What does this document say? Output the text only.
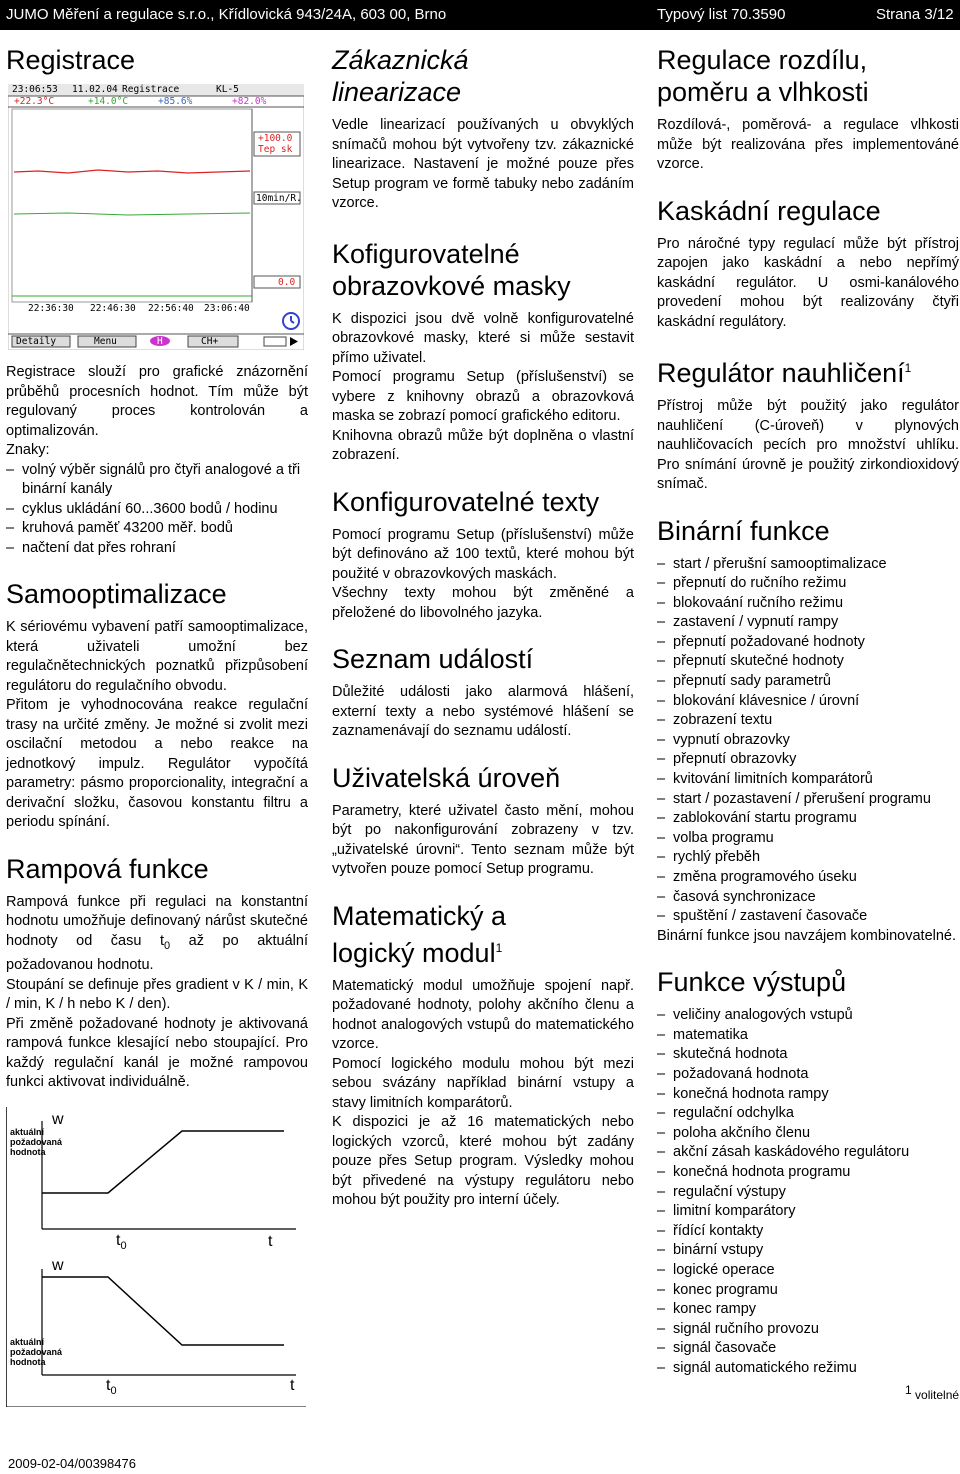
JUMO Měření a regulace s.r.o., Křídlovická 943/24A, 603 00, Brno	Typový list 70.3590	Strana 3/12
Registrace
23:06:53 11.02.04 Registrace	KL-5
+22.3°C	+14.0°C	+85.6%	+82.0%
+100.0
Tep sk
10min/R.
0.0
22:36:30 22:46:30 22:56:40 23:06:40
Detaily	Menu	H	CH+

Registrace slouží pro grafické znázornění průběhů procesních hodnot. Tím může být regulovaný proces kontrolován a optimalizován.

Znaky:

– volný výběr signálů pro čtyři analogové a tři binární kanály
– cyklus ukládání 60...3600 bodů / hodinu
– kruhová paměť 43200 měř. bodů
– načtení dat přes rohraní
Samooptimalizace

K sériovému vybavení patří samooptimalizace, která uživateli umožní bez regulačnětechnických poznatků přizpůsobení regulátoru do regulačního obvodu.

Přitom je vyhodnocována reakce regulační trasy na určité změny. Je možné si zvolit mezi oscilační metodou a nebo reakce na jednotkový impulz. Regulátor vypočítá parametry: pásmo proporcionality, integrační a derivační složku, časovou konstantu filtru a periodu spínání.

Rampová funkce

Rampová funkce při regulaci na konstantní hodnotu umožňuje definovaný nárůst skutečné hodnoty od času $t_0$ až po aktuální požadovanou hodnotu.

Stoupání se definuje přes gradient v K / min, K / min, K / h nebo K / den).

Při změně požadované hodnoty je aktivovaná rampová funkce klesající nebo stoupající. Pro každý regulační kanál je možné rampovou funkci aktivovat individuálně.

w
w
aktuální
požadovaná
hodnota
aktuální
požadovaná
hodnota
$t_0$	t
$t_0$	t
Zákaznická linearizace

Vedle linearizací používaných u obvyklých snímačů mohou být vytvořeny tzv. zákaznické linearizace. Nastavení je možné pouze přes Setup program ve formě tabuky nebo zadáním vzorce.

Kofigurovatelné obrazovkové masky

K dispozici jsou dvě volně konfigurovatelné obrazovkové masky, které si může sestavit přímo uživatel.

Pomocí programu Setup (příslušenství) se vybere z knihovny obrazů a obrazovková maska se zobrazí pomocí grafického editoru.

Knihovna obrazů může být doplněna o vlastní zobrazení.

Konfigurovatelné texty

Pomocí programu Setup (příslušenství) může být definováno až 100 textů, které mohou být použité v obrazovkových maskách.

Všechny texty mohou být změněné a přeložené do libovolného jazyka.

Seznam událostí

Důležité události jako alarmová hlášení, externí texty a nebo systémové hlášení se zaznamenávají do seznamu událostí.

Uživatelská úroveň

Parametry, které uživatel často mění, mohou být po nakonfigurování zobrazeny v tzv. „uživatelské úrovni“. Tento seznam může být vytvořen pouze pomocí Setup programu.

Matematický a
logický modul$^1$

Matematický modul umožňuje spojení např. požadované hodnoty, polohy akčního členu a hodnot analogových vstupů do matematického vzorce.

Pomocí logického modulu mohou být mezi sebou svázány například binární vstupy a stavy limitních komparátorů.

K dispozici je až 16 matematických nebo logických vzorců, které mohou být zadány pouze přes Setup program. Výsledky mohou být přivedené na výstupy regulátoru nebo mohou být použity pro interní účely.

Regulace rozdílu, poměru a vlhkosti

Rozdílová-, poměrová- a regulace vlhkosti může být realizována přes implementováné vzorce.

Kaskádní regulace

Pro náročné typy regulací může být přístroj zapojen jako kaskádní a nebo nepřímý kaskádní regulátor. U osmi-kanálového provedení mohou být realizovány čtyři kaskádní regulátory.

Regulátor nauhličení$^1$

Přístroj může být použitý jako regulátor nauhličení (C-úroveň) v plynových nauhličovacích pecích pro množství uhlíku. Pro snímání úrovně je použitý zirkondioxidový snímač.

Binární funkce
– start / přerušní samooptimalizace
– přepnutí do ručního režimu
– blokovaání ručního režimu
– zastavení / vypnutí rampy
– přepnutí požadované hodnoty
– přepnutí skutečné hodnoty
– přepnutí sady parametrů
– blokování klávesnice / úrovní
– zobrazení textu
– vypnutí obrazovky
– přepnutí obrazovky
– kvitování limitních komparátorů
– start / pozastavení / přerušení programu
– zablokování startu programu
– volba programu
– rychlý přeběh
– změna programového úseku
– časová synchronizace
– spuštění / zastavení časovače

Binární funkce jsou navzájem kombinovatelné.

Funkce výstupů
– veličiny analogových vstupů
– matematika
– skutečná hodnota
– požadovaná hodnota
– konečná hodnota rampy
– regulační odchylka
– poloha akčního členu
– akční zásah kaskádového regulátoru
– konečná hodnota programu
– regulační výstupy
– limitní komparátory
– řídící kontakty
– binární vstupy
– logické operace
– konec programu
– konec rampy
– signál ručního provozu
– signál časovače
– signál automatického režimu
$^1$ volitelné
2009-02-04/00398476
